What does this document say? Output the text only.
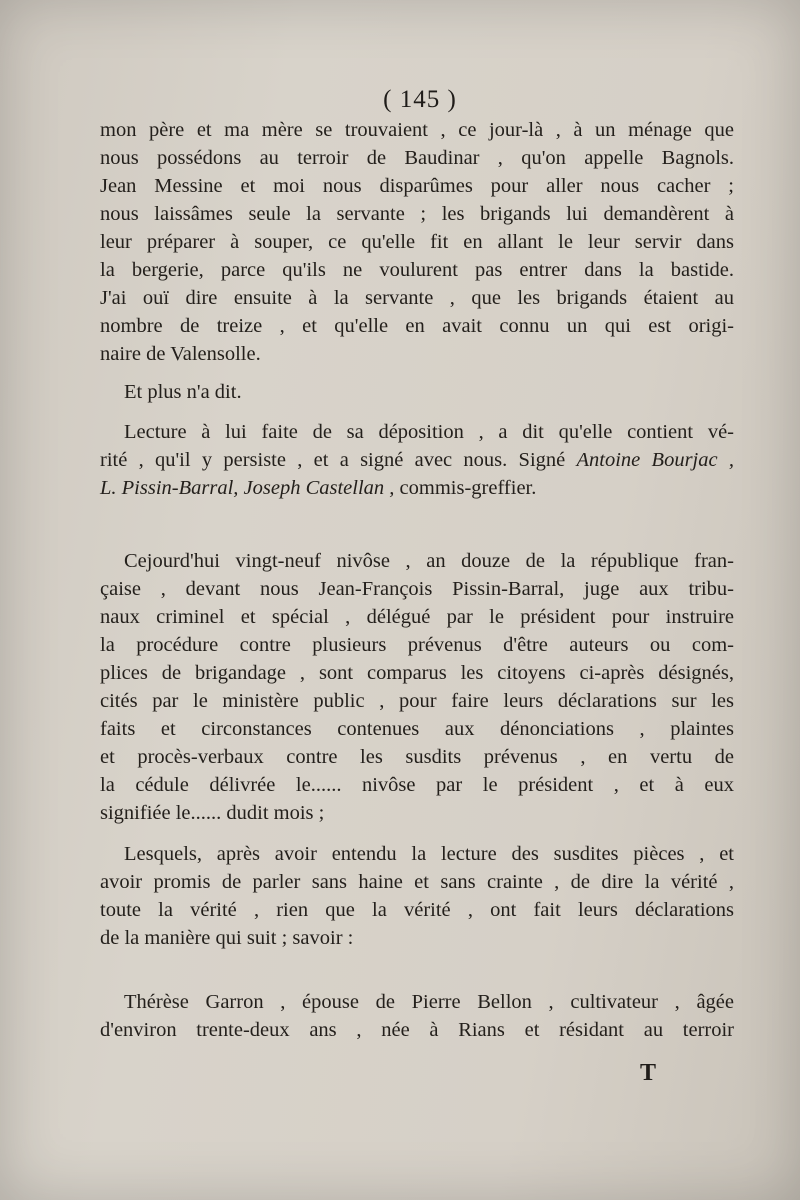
( 145 )
mon père et ma mère se trouvaient , ce jour-là , à un ménage que
nous possédons au terroir de Baudinar , qu'on appelle Bagnols.
Jean Messine et moi nous disparûmes pour aller nous cacher ;
nous laissâmes seule la servante ; les brigands lui demandèrent à
leur préparer à souper, ce qu'elle fit en allant le leur servir dans
la bergerie, parce qu'ils ne voulurent pas entrer dans la bastide.
J'ai ouï dire ensuite à la servante , que les brigands étaient au
nombre de treize , et qu'elle en avait connu un qui est origi-
naire de Valensolle.
Et plus n'a dit.
Lecture à lui faite de sa déposition , a dit qu'elle contient vé-
rité , qu'il y persiste , et a signé avec nous. Signé Antoine Bourjac ,
L. Pissin-Barral, Joseph Castellan , commis-greffier.
Cejourd'hui vingt-neuf nivôse , an douze de la république fran-
çaise , devant nous Jean-François Pissin-Barral, juge aux tribu-
naux criminel et spécial , délégué par le président pour instruire
la procédure contre plusieurs prévenus d'être auteurs ou com-
plices de brigandage , sont comparus les citoyens ci-après désignés,
cités par le ministère public , pour faire leurs déclarations sur les
faits et circonstances contenues aux dénonciations , plaintes
et procès-verbaux contre les susdits prévenus , en vertu de
la cédule délivrée le...... nivôse par le président , et à eux
signifiée le...... dudit mois ;
Lesquels, après avoir entendu la lecture des susdites pièces , et
avoir promis de parler sans haine et sans crainte , de dire la vérité ,
toute la vérité , rien que la vérité , ont fait leurs déclarations
de la manière qui suit ; savoir :
Thérèse Garron , épouse de Pierre Bellon , cultivateur , âgée
d'environ trente-deux ans , née à Rians et résidant au terroir
T
